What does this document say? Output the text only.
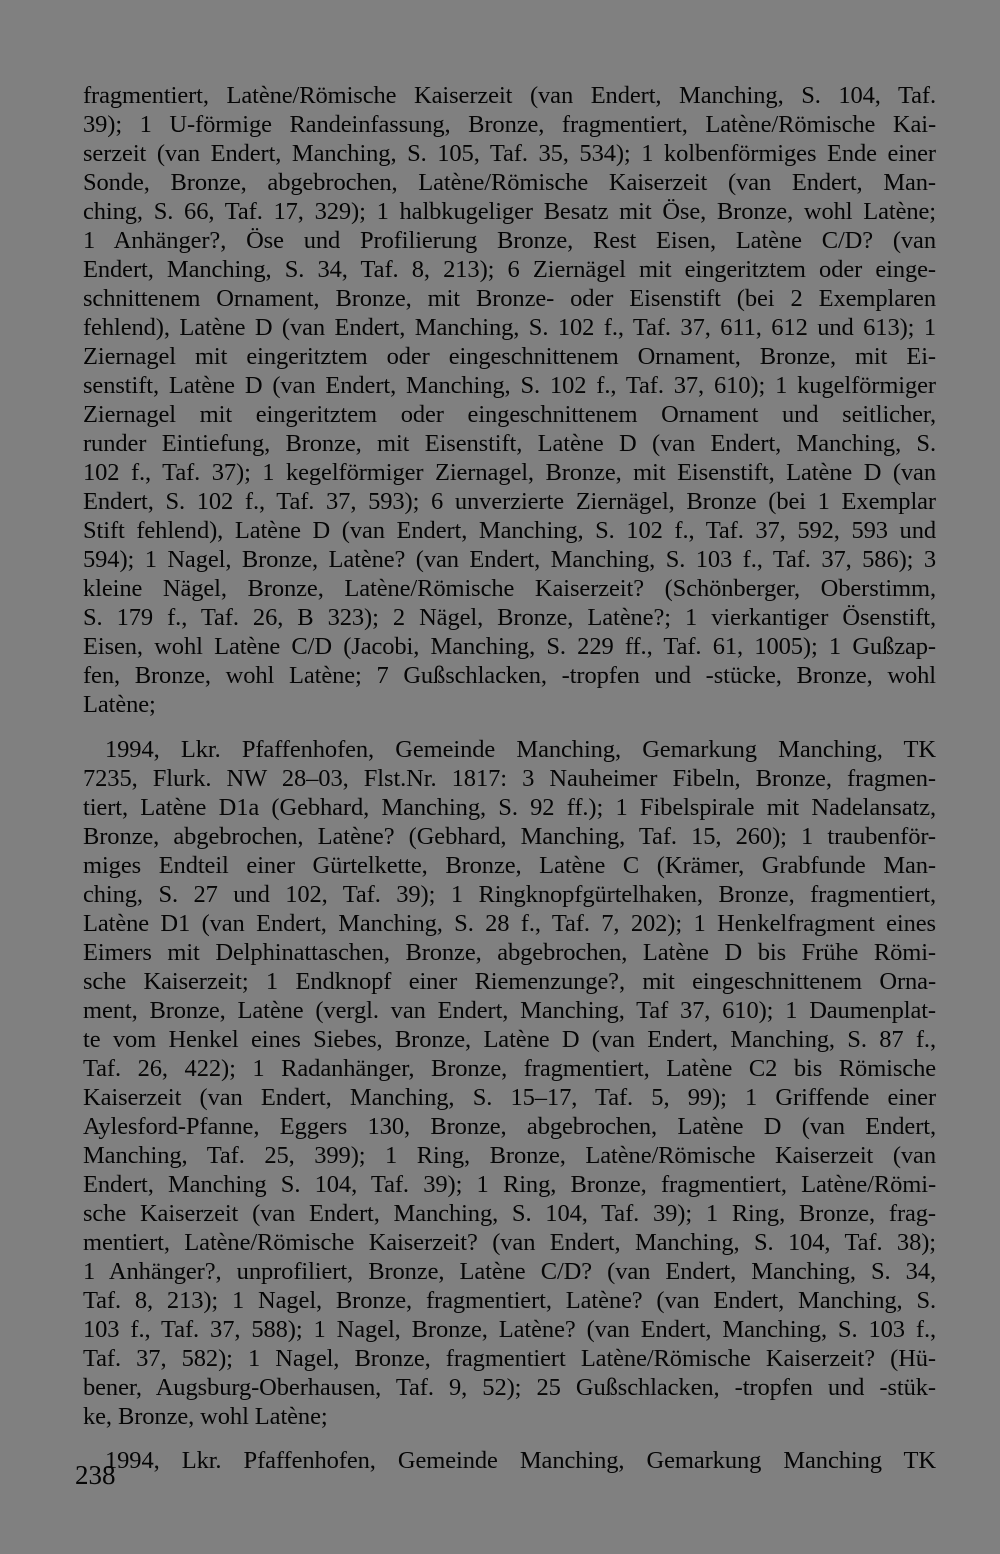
fragmentiert, Latène/Römische Kaiserzeit (van Endert, Manching, S. 104, Taf.
39); 1 U-förmige Randeinfassung, Bronze, fragmentiert, Latène/Römische Kai-
serzeit (van Endert, Manching, S. 105, Taf. 35, 534); 1 kolbenförmiges Ende einer
Sonde, Bronze, abgebrochen, Latène/Römische Kaiserzeit (van Endert, Man-
ching, S. 66, Taf. 17, 329); 1 halbkugeliger Besatz mit Öse, Bronze, wohl Latène;
1 Anhänger?, Öse und Profilierung Bronze, Rest Eisen, Latène C/D? (van
Endert, Manching, S. 34, Taf. 8, 213); 6 Ziernägel mit eingeritztem oder einge-
schnittenem Ornament, Bronze, mit Bronze- oder Eisenstift (bei 2 Exemplaren
fehlend), Latène D (van Endert, Manching, S. 102 f., Taf. 37, 611, 612 und 613); 1
Ziernagel mit eingeritztem oder eingeschnittenem Ornament, Bronze, mit Ei-
senstift, Latène D (van Endert, Manching, S. 102 f., Taf. 37, 610); 1 kugelförmiger
Ziernagel mit eingeritztem oder eingeschnittenem Ornament und seitlicher,
runder Eintiefung, Bronze, mit Eisenstift, Latène D (van Endert, Manching, S.
102 f., Taf. 37); 1 kegelförmiger Ziernagel, Bronze, mit Eisenstift, Latène D (van
Endert, S. 102 f., Taf. 37, 593); 6 unverzierte Ziernägel, Bronze (bei 1 Exemplar
Stift fehlend), Latène D (van Endert, Manching, S. 102 f., Taf. 37, 592, 593 und
594); 1 Nagel, Bronze, Latène? (van Endert, Manching, S. 103 f., Taf. 37, 586); 3
kleine Nägel, Bronze, Latène/Römische Kaiserzeit? (Schönberger, Oberstimm,
S. 179 f., Taf. 26, B 323); 2 Nägel, Bronze, Latène?; 1 vierkantiger Ösenstift,
Eisen, wohl Latène C/D (Jacobi, Manching, S. 229 ff., Taf. 61, 1005); 1 Gußzap-
fen, Bronze, wohl Latène; 7 Gußschlacken, -tropfen und -stücke, Bronze, wohl
Latène;
1994, Lkr. Pfaffenhofen, Gemeinde Manching, Gemarkung Manching, TK
7235, Flurk. NW 28–03, Flst.Nr. 1817: 3 Nauheimer Fibeln, Bronze, fragmen-
tiert, Latène D1a (Gebhard, Manching, S. 92 ff.); 1 Fibelspirale mit Nadelansatz,
Bronze, abgebrochen, Latène? (Gebhard, Manching, Taf. 15, 260); 1 traubenför-
miges Endteil einer Gürtelkette, Bronze, Latène C (Krämer, Grabfunde Man-
ching, S. 27 und 102, Taf. 39); 1 Ringknopfgürtelhaken, Bronze, fragmentiert,
Latène D1 (van Endert, Manching, S. 28 f., Taf. 7, 202); 1 Henkelfragment eines
Eimers mit Delphinattaschen, Bronze, abgebrochen, Latène D bis Frühe Römi-
sche Kaiserzeit; 1 Endknopf einer Riemenzunge?, mit eingeschnittenem Orna-
ment, Bronze, Latène (vergl. van Endert, Manching, Taf 37, 610); 1 Daumenplat-
te vom Henkel eines Siebes, Bronze, Latène D (van Endert, Manching, S. 87 f.,
Taf. 26, 422); 1 Radanhänger, Bronze, fragmentiert, Latène C2 bis Römische
Kaiserzeit (van Endert, Manching, S. 15–17, Taf. 5, 99); 1 Griffende einer
Aylesford-Pfanne, Eggers 130, Bronze, abgebrochen, Latène D (van Endert,
Manching, Taf. 25, 399); 1 Ring, Bronze, Latène/Römische Kaiserzeit (van
Endert, Manching S. 104, Taf. 39); 1 Ring, Bronze, fragmentiert, Latène/Römi-
sche Kaiserzeit (van Endert, Manching, S. 104, Taf. 39); 1 Ring, Bronze, frag-
mentiert, Latène/Römische Kaiserzeit? (van Endert, Manching, S. 104, Taf. 38);
1 Anhänger?, unprofiliert, Bronze, Latène C/D? (van Endert, Manching, S. 34,
Taf. 8, 213); 1 Nagel, Bronze, fragmentiert, Latène? (van Endert, Manching, S.
103 f., Taf. 37, 588); 1 Nagel, Bronze, Latène? (van Endert, Manching, S. 103 f.,
Taf. 37, 582); 1 Nagel, Bronze, fragmentiert Latène/Römische Kaiserzeit? (Hü-
bener, Augsburg-Oberhausen, Taf. 9, 52); 25 Gußschlacken, -tropfen und -stük-
ke, Bronze, wohl Latène;
1994, Lkr. Pfaffenhofen, Gemeinde Manching, Gemarkung Manching TK
238
